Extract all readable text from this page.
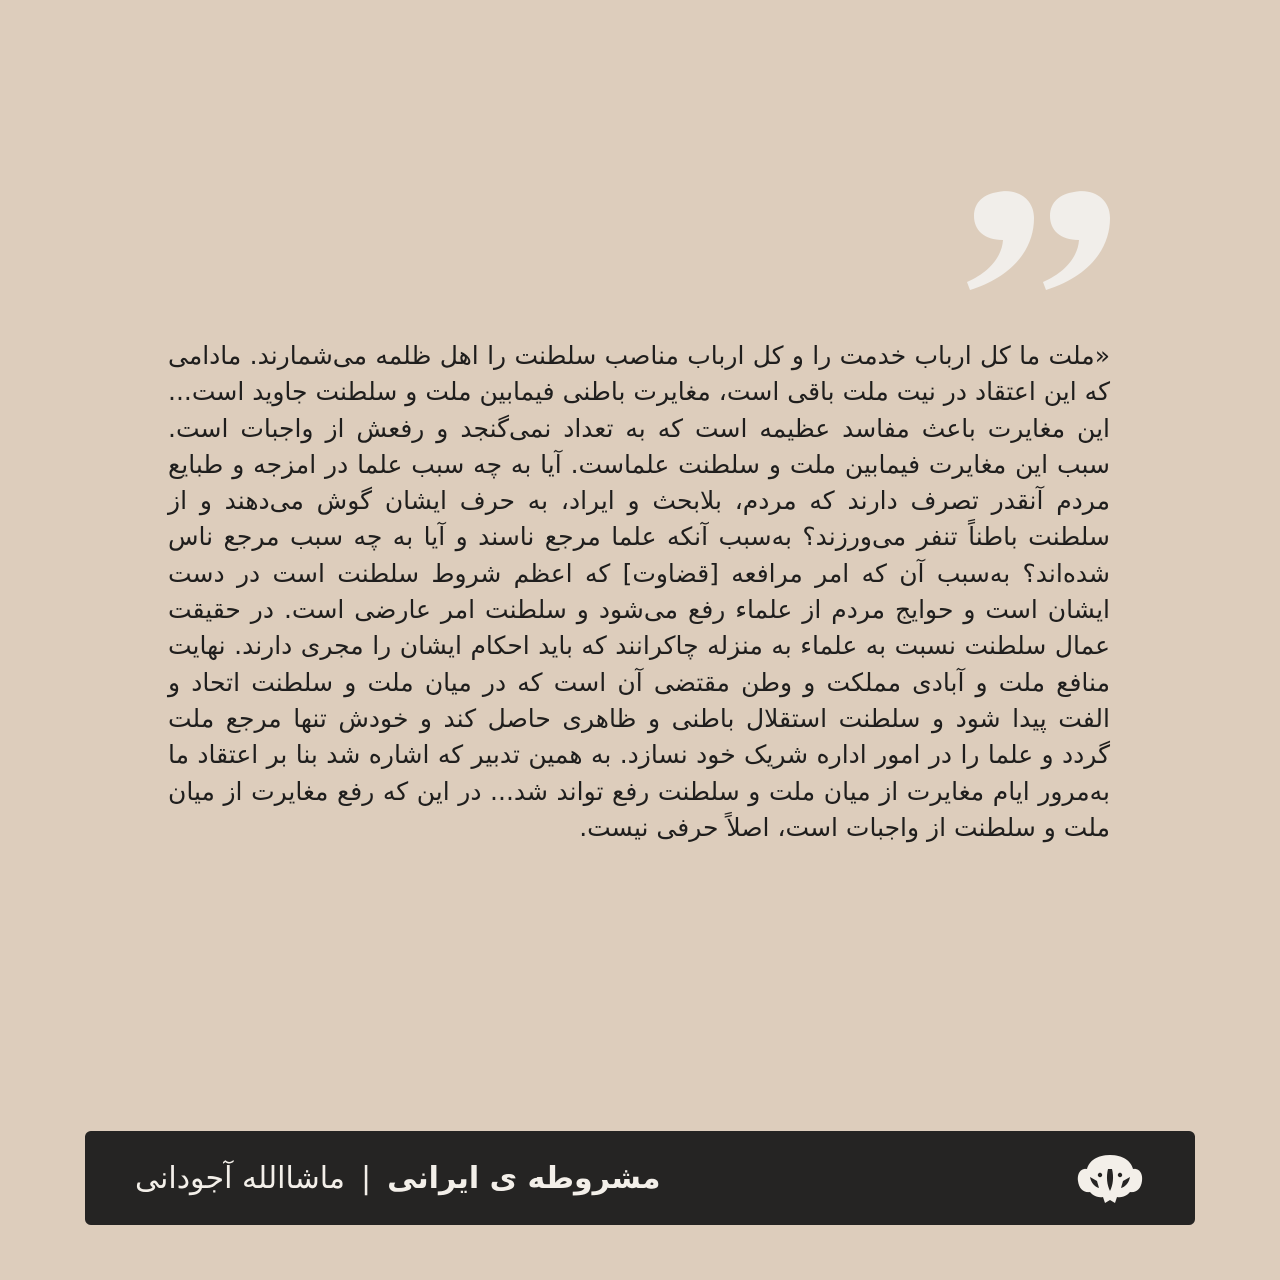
«ملت ما کل ارباب خدمت را و کل ارباب مناصب سلطنت را اهل ظلمه می‌شمارند. مادامی که این اعتقاد در نیت ملت باقی است، مغایرت باطنی فیمابین ملت و سلطنت جاوید است... این مغایرت باعث مفاسد عظیمه است که به تعداد نمی‌گنجد و رفعش از واجبات است. سبب این مغایرت فیمابین ملت و سلطنت علماست. آیا به چه سبب علما در امزجه و طبایع مردم آنقدر تصرف دارند که مردم، بلابحث و ایراد، به حرف ایشان گوش می‌دهند و از سلطنت باطناً تنفر می‌ورزند؟ به‌سبب آنکه علما مرجع ناسند و آیا به چه سبب مرجع ناس شده‌اند؟ به‌سبب آن که امر مرافعه [قضاوت] که اعظم شروط سلطنت است در دست ایشان است و حوایج مردم از علماء رفع می‌شود و سلطنت امر عارضی است. در حقیقت عمال سلطنت نسبت به علماء به منزله چاکرانند که باید احکام ایشان را مجری دارند. نهایت منافع ملت و آبادی مملکت و وطن مقتضی آن است که در میان ملت و سلطنت اتحاد و الفت پیدا شود و سلطنت استقلال باطنی و ظاهری حاصل کند و خودش تنها مرجع ملت گردد و علما را در امور اداره شریک خود نسازد. به همین تدبیر که اشاره شد بنا بر اعتقاد ما به‌مرور ایام مغایرت از میان ملت و سلطنت رفع تواند شد... در این که رفع مغایرت از میان ملت و سلطنت از واجبات است، اصلاً حرفی نیست.

مشروطه ی ایرانی
|
ماشاالله آجودانی
